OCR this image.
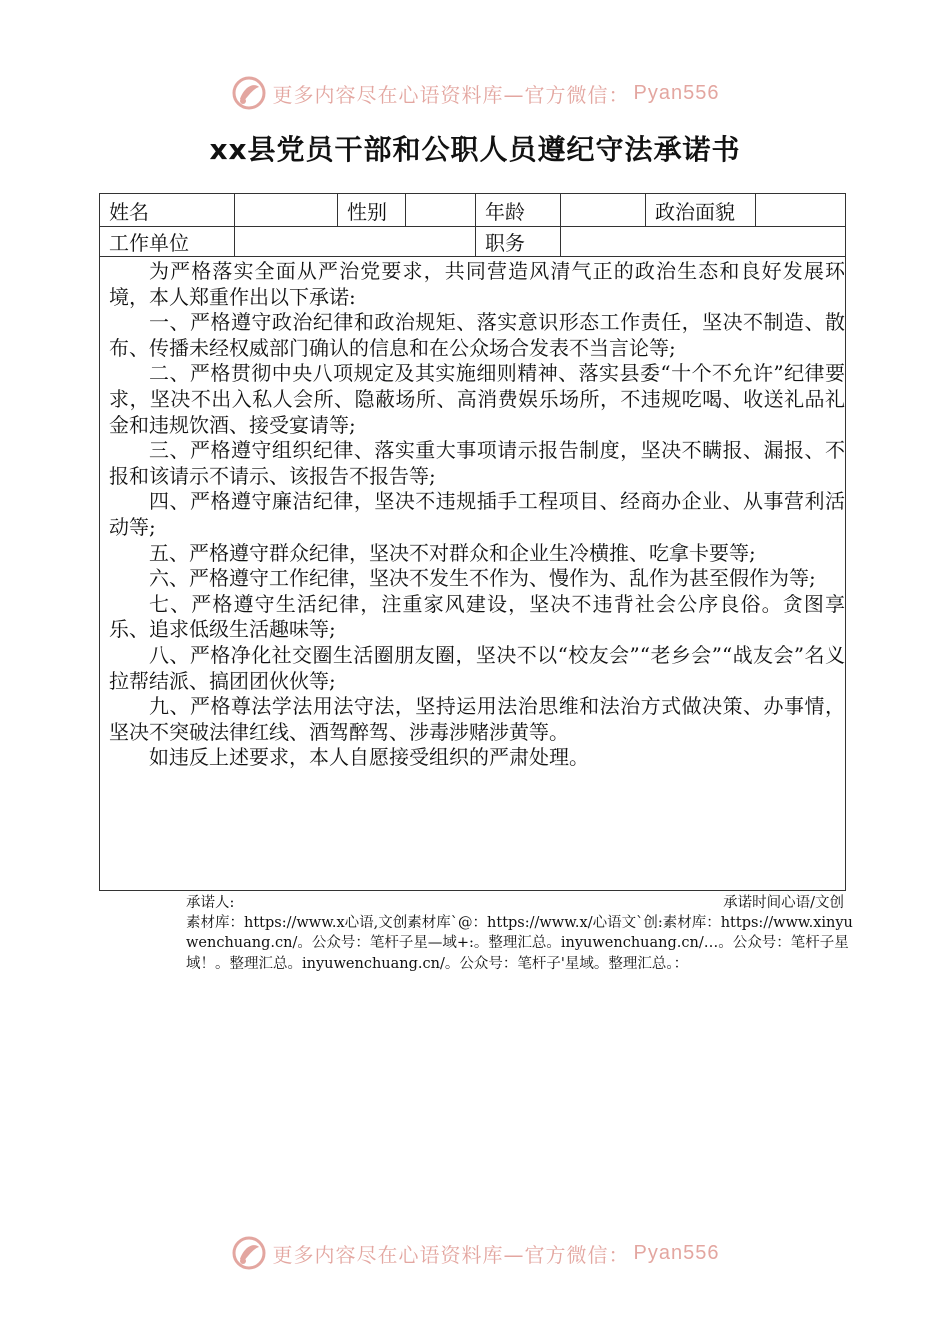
更多内容尽在心语资料库—官方微信： Pyan556
xx县党员干部和公职人员遵纪守法承诺书
姓名	性别	年龄	政治面貌
工作单位	职务

为严格落实全面从严治党要求，共同营造风清气正的政治生态和良好发展环境，本人郑重作出以下承诺:

一、严格遵守政治纪律和政治规矩、落实意识形态工作责任，坚决不制造、散布、传播未经权威部门确认的信息和在公众场合发表不当言论等;

二、严格贯彻中央八项规定及其实施细则精神、落实县委“十个不允许”纪律要求，坚决不出入私人会所、隐蔽场所、高消费娱乐场所，不违规吃喝、收送礼品礼金和违规饮酒、接受宴请等;

三、严格遵守组织纪律、落实重大事项请示报告制度，坚决不瞒报、漏报、不报和该请示不请示、该报告不报告等;

四、严格遵守廉洁纪律，坚决不违规插手工程项目、经商办企业、从事营利活动等;

五、严格遵守群众纪律，坚决不对群众和企业生冷横推、吃拿卡要等;

六、严格遵守工作纪律，坚决不发生不作为、慢作为、乱作为甚至假作为等;

七、严格遵守生活纪律，注重家风建设，坚决不违背社会公序良俗。贪图享乐、追求低级生活趣味等;

八、严格净化社交圈生活圈朋友圈，坚决不以“校友会”“老乡会”“战友会”名义拉帮结派、搞团团伙伙等;

九、严格尊法学法用法守法，坚持运用法治思维和法治方式做决策、办事情，坚决不突破法律红线、酒驾醉驾、涉毒涉赌涉黄等。

如违反上述要求，本人自愿接受组织的严肃处理。

承诺人:	承诺时间心语/文创
素材库：https://www.x心语,文创素材库`@：https://www.x/心语文`创:素材库：https://www.xinyuwenchuang.cn/。公众号：笔杆子星—域+:。整理汇总。inyuwenchuang.cn/…。公众号：笔杆子星域！。整理汇总。inyuwenchuang.cn/。公众号：笔杆子'星域。整理汇总。：
更多内容尽在心语资料库—官方微信： Pyan556
